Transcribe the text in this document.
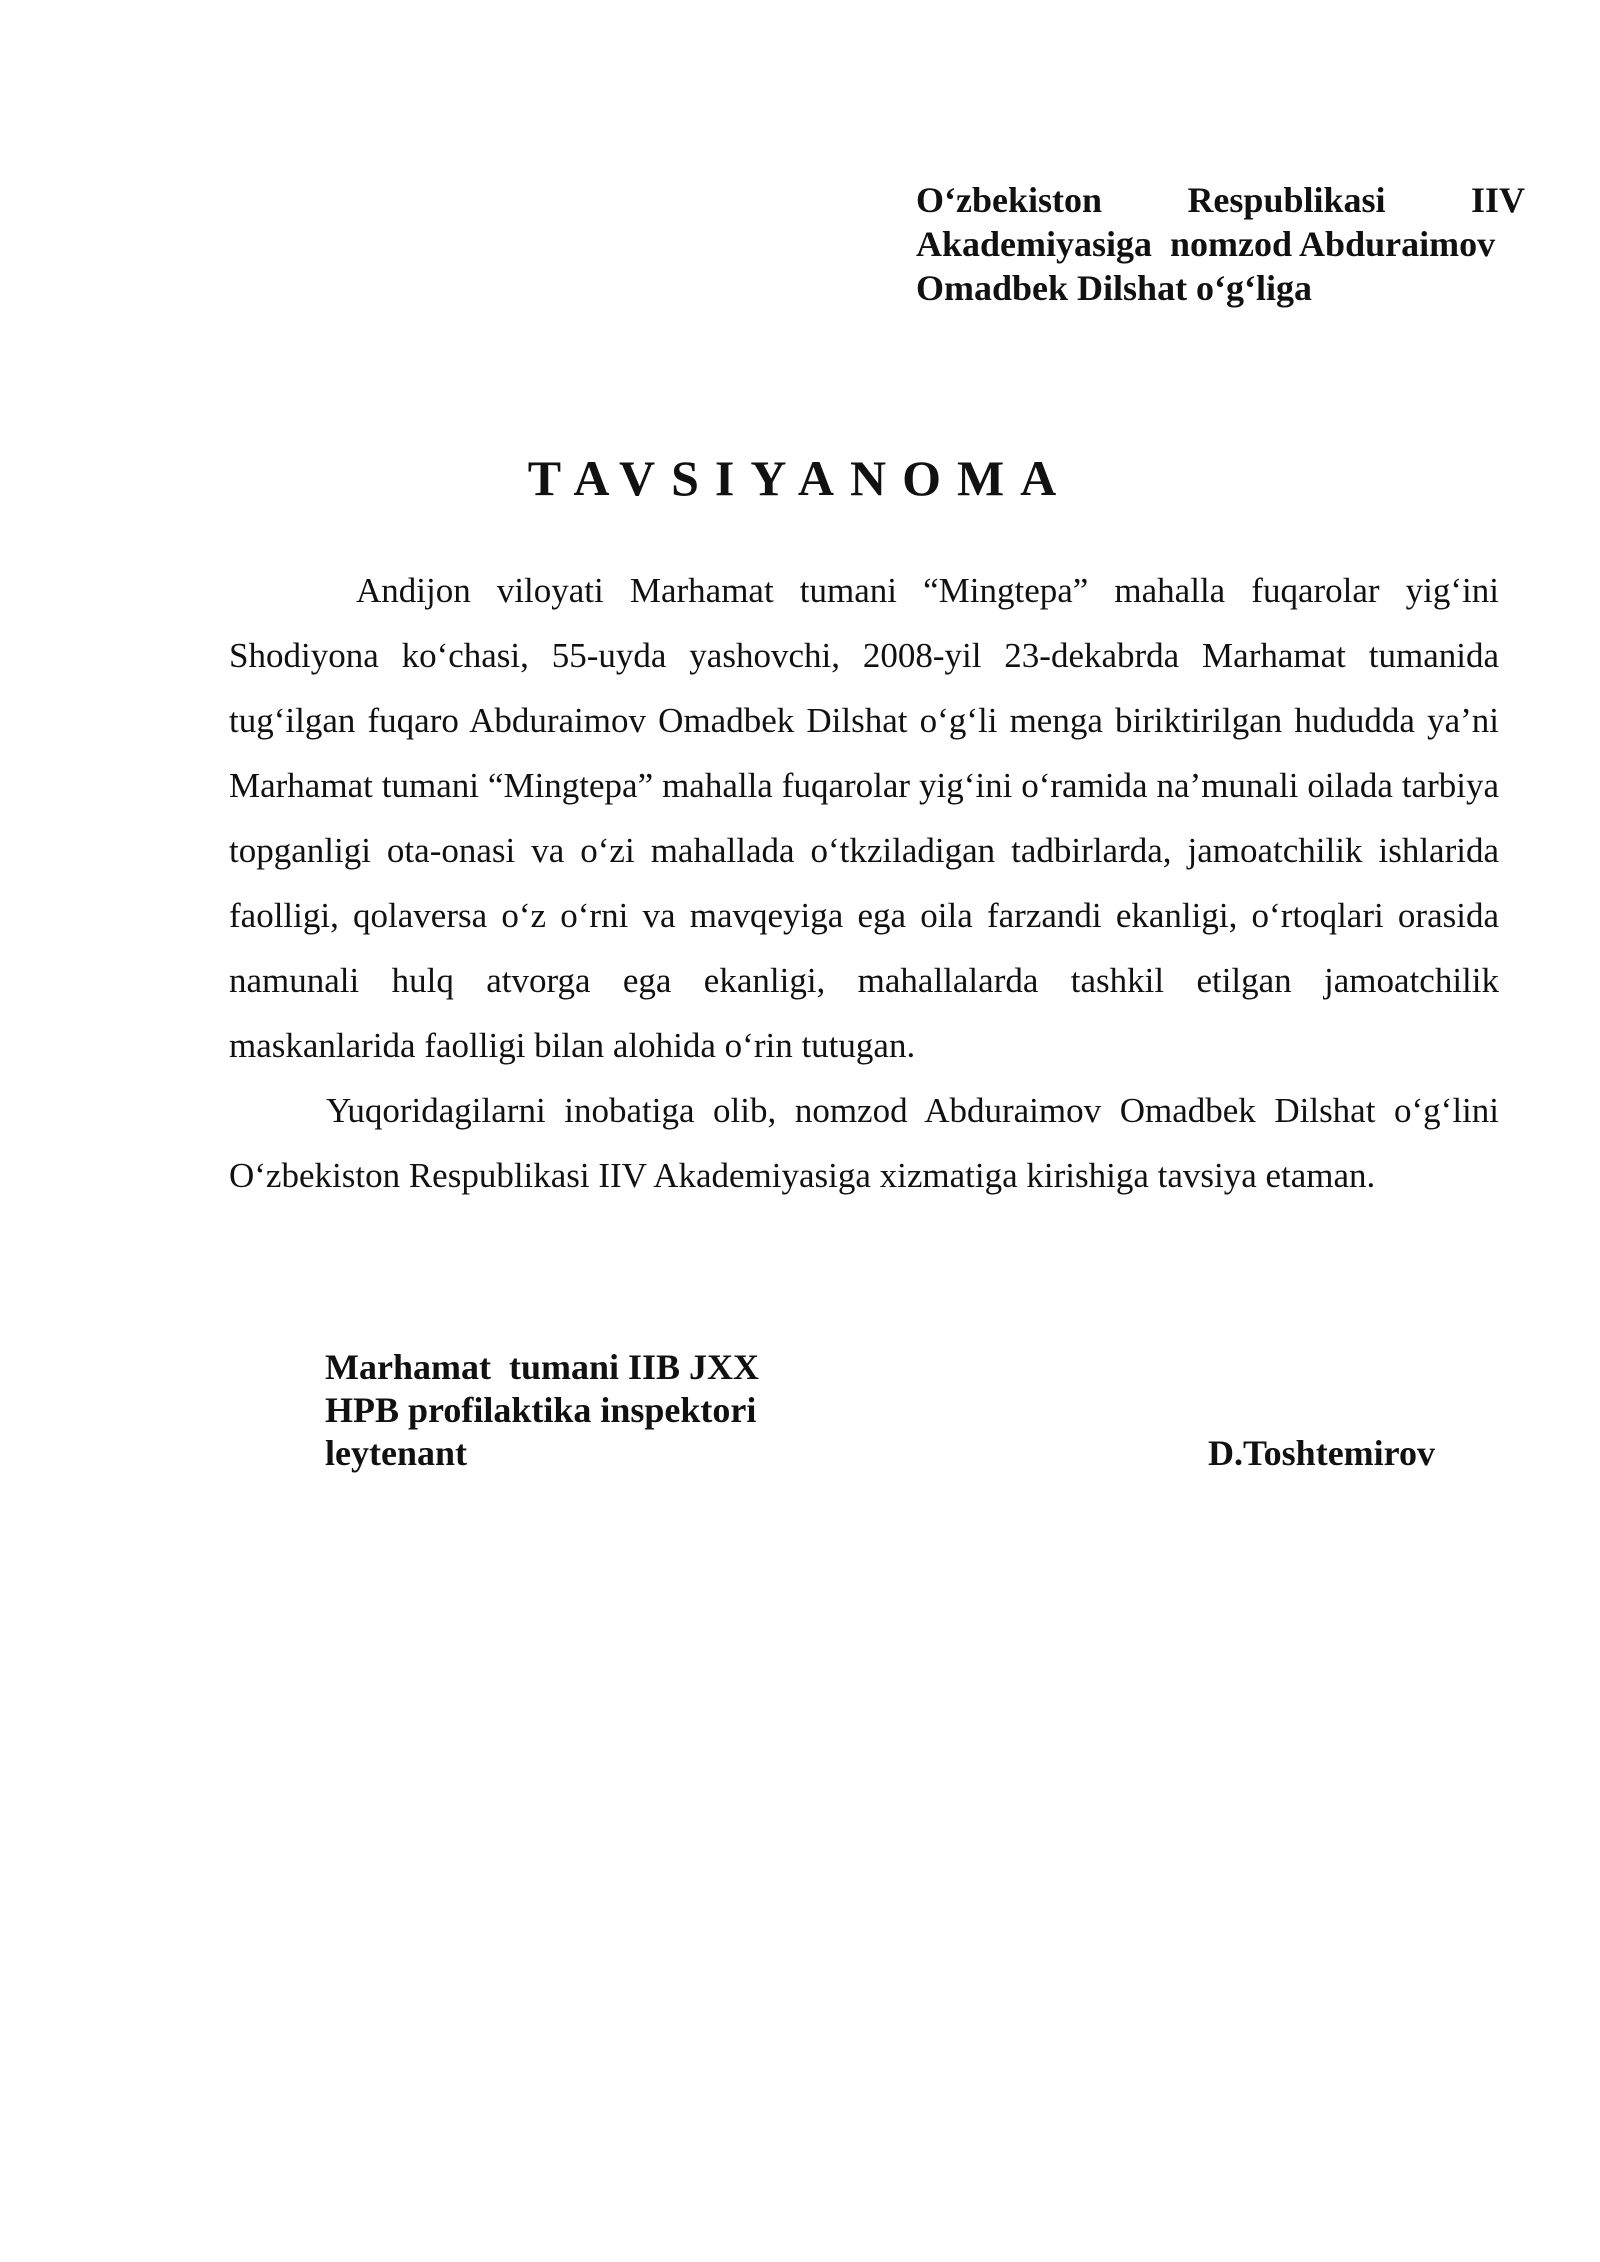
O‘zbekiston Respublikasi IIV
Akademiyasiga  nomzod Abduraimov
Omadbek Dilshat o‘g‘liga
TAVSIYANOMA

Andijon viloyati Marhamat tumani “Mingtepa” mahalla fuqarolar yig‘ini Shodiyona ko‘chasi, 55-uyda yashovchi, 2008-yil 23-dekabrda Marhamat tumanida tug‘ilgan fuqaro Abduraimov Omadbek Dilshat o‘g‘li menga biriktirilgan hududda ya’ni Marhamat tumani “Mingtepa” mahalla fuqarolar yig‘ini o‘ramida na’munali oilada tarbiya topganligi ota-onasi va o‘zi mahallada o‘tkziladigan tadbirlarda, jamoatchilik ishlarida faolligi, qolaversa o‘z o‘rni va mavqeyiga ega oila farzandi ekanligi, o‘rtoqlari orasida namunali hulq atvorga ega ekanligi, mahallalarda tashkil etilgan jamoatchilik maskanlarida faolligi bilan alohida o‘rin tutugan.

Yuqoridagilarni inobatiga olib, nomzod Abduraimov Omadbek Dilshat o‘g‘lini O‘zbekiston Respublikasi IIV Akademiyasiga xizmatiga kirishiga tavsiya etaman.

Marhamat  tumani IIB JXX
HPB profilaktika inspektori
leytenant	D.Toshtemirov
